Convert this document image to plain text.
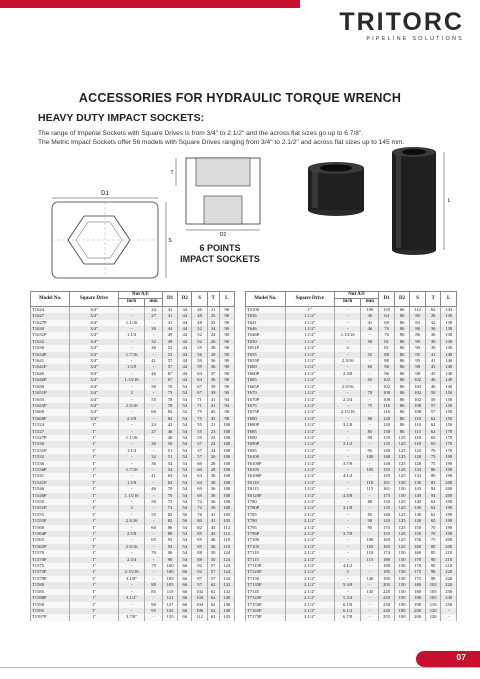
TRITORC
PIPELINE SOLUTIONS
ACCESSORIES FOR HYDRAULIC TORQUE WRENCH
HEAVY DUTY IMPACT SOCKETS:

The range of Imperial Sockets with Square Drives is from 3/4" to 2.1/2" and the across flat sizes go up to 6.7/8".

The Metric Impact Sockets offer 56 models with Square Drives ranging from 3/4" to 2.1/2" and across flat sizes up to 145 mm.

D1
S
D2
T
L
6 POINTS
IMPACT SOCKETS
Model No.	Square Drive	Nut A/F		D1	D2	S	T	L
		inch	mm					
T1624	3/4"	-	24	41	44	46	21	90
T1627	3/4"	-	27	41	44	48	25	90
T1627P	3/4"	1.1/16	-	41	44	48	25	90
T1630	3/4"	-	30	44	44	52	24	90
T1631P	3/4"	1.1/4	-	49	44	52	24	90
T1632	3/4"	-	32	49	44	52	26	90
T1636	3/4"	-	36	52	44	55	28	90
T1634P	3/4"	1.7/16	-	52	44	56	28	90
T1641	3/4"	-	41	57	44	59	36	90
T1641P	3/4"	1.5/8	-	57	44	59	36	90
T1646	3/4"	-	46	67	44	64	37	90
T1646P	3/4"	1.13/16	-	67	44	64	36	90
T1650	3/4"	-	50	70	54	67	39	90
T1651P	3/4"	2	-	73	54	67	39	90
T1655	3/4"	-	55	78	54	71	41	94
T1655P	3/4"	2.3/16	-	78	54	71	41	94
T1660	3/4"	-	60	82	52	75	45	98
T1660P	3/4"	2.3/8	-	82	54	75	45	98
T1524	1"	-	24	42	54	55	21	100
T1527	1"	-	27	46	54	55	23	100
T1527P	1"	1.1/16	-	46	54	55	23	100
T1530	1"	-	30	50	54	57	24	100
T1531P	1"	1.1/4	-	51	54	57	24	100
T1532	1"	-	32	51	54	57	26	100
T1536	1"	-	36	54	54	60	28	100
T1536P	1"	1.7/16	-	54	54	60	28	100
T1541	1"	-	41	63	54	64	30	100
T1541P	1"	1.5/8	-	63	54	64	30	100
T1546	1"	-	46	70	54	69	36	100
T1546P	1"	1.13/16	-	70	54	69	36	100
T1550	1"	-	50	73	54	72	36	100
T1551P	1"	2	-	73	54	72	39	100
T1555	1"	-	55	82	56	76	41	105
T1555P	1"	2.3/16	-	82	56	80	41	105
T1560	1"	-	60	86	54	82	45	112
T1564P	1"	2.5/8	-	88	54	85	45	112
T1565	1"	-	65	92	54	85	46	118
T1565P	1"	2.9/16	-	92	54	85	46	118
T1570	1"	-	70	96	54	88	50	124
T1570P	1"	2.3/4	-	96	54	88	50	124
T1575	1"	-	75	100	66	92	57	124
T1575P	1"	2.15/16	-	100	66	92	57	124
T1579P	1"	3.1/8"	-	105	66	97	57	132
T1580	1"	-	80	105	66	97	62	132
T1585	1"	-	85	115	66	102	62	132
T1588P	1"	3.1/2"	-	121	66	104	62	140
T1590	1"	-	90	127	66	104	62	140
T1595	1"	-	95	135	66	106	62	140
T1597P	1"	3.7/8"	-	135	66	112	62	143
Model No.	Square Drive	Nut A/F		D1	D2	S	T	L
		inch	mm					
T5100	1"	-	100	135	66	112	62	143
T636	1.1/2"	-	36	64	86	80	28	130
T641	1.1/2"	-	41	69	86	83	32	130
T646	1.1/2"	-	46	76	86	86	36	130
T646P	1.1/2"	1.13/16	-	76	86	86	36	130
T650	1.1/2"	-	50	81	86	90	39	130
T651P	1.1/2"	2	-	81	86	90	39	130
T655	1.1/2"	-	55	88	86	95	41	140
T655P	1.1/2"	2.3/16	-	88	86	95	41	140
T660	1.1/2"	-	60	96	86	98	45	140
T660P	1.1/2"	2.3/8	-	96	86	98	45	140
T665	1.1/2"	-	65	102	86	102	46	140
T665P	1.1/2"	2.9/16	-	102	86	102	46	140
T670	1.1/2"	-	70	108	86	102	50	150
T670P	1.1/2"	2.3/4	-	108	86	102	50	150
T675	1.1/2"	-	75	116	86	108	57	150
T675P	1.1/2"	2.15/16	-	116	86	108	57	150
T680	1.1/2"	-	80	120	86	110	62	150
T680P	1.1/2"	3.1/8	-	120	86	110	62	150
T685	1.1/2"	-	85	130	86	115	62	170
T690	1.1/2"	-	90	135	125	118	65	170
T690P	1.1/2"	3.1/2	-	135	125	118	65	170
T695	1.1/2"	-	95	140	125	123	70	170
T6100	1.1/2"	-	100	148	125	128	75	190
T6100P	1.1/2"	3.7/8	-	148	125	128	75	190
T6105	1.1/2"	-	105	155	125	133	80	190
T6106P	1.1/2"	4.1/4	-	155	125	133	80	190
T6110	1.1/2"	-	110	161	150	136	85	200
T6115	1.1/2"	-	115	161	150	143	94	200
T6120P	1.1/2"	4.5/8	-	175	150	149	94	200
T780	2.1/2"	-	80	135	125	140	62	190
T780P	2.1/2"	3.1/8	-	135	125	140	62	190
T785	2.1/2"	-	85	140	125	140	62	190
T790	2.1/2"	-	90	145	125	140	65	190
T795	2.1/2"	-	95	155	125	150	70	190
T796P	2.1/2"	3.7/8	-	155	125	150	70	190
T7100	2.1/2"	-	100	160	125	150	75	200
T7105	2.1/2"	-	105	165	125	160	80	200
T7110	2.1/2"	-	110	174	150	160	85	210
T7115	2.1/2"	-	115	180	150	170	90	210
T7115P	2.1/2"	4.1/2	-	180	150	170	90	210
T7125P	2.1/2"	5	-	195	150	175	98	220
T7130	2.1/2"	-	130	195	150	175	98	220
T7135P	2.1/2"	5.3/8	-	205	150	180	102	220
T7145	2.1/2"	-	145	220	150	180	105	230
T7145P	2.1/2"	5.3/4	-	220	150	180	105	230
T7155P	2.1/2"	6.1/8	-	230	190	190	110	250
T7165P	2.1/2"	6.1/2	-	240	180	200	120	-
T7175P	2.1/2"	6.7/8	-	255	190	200	120	-
07
